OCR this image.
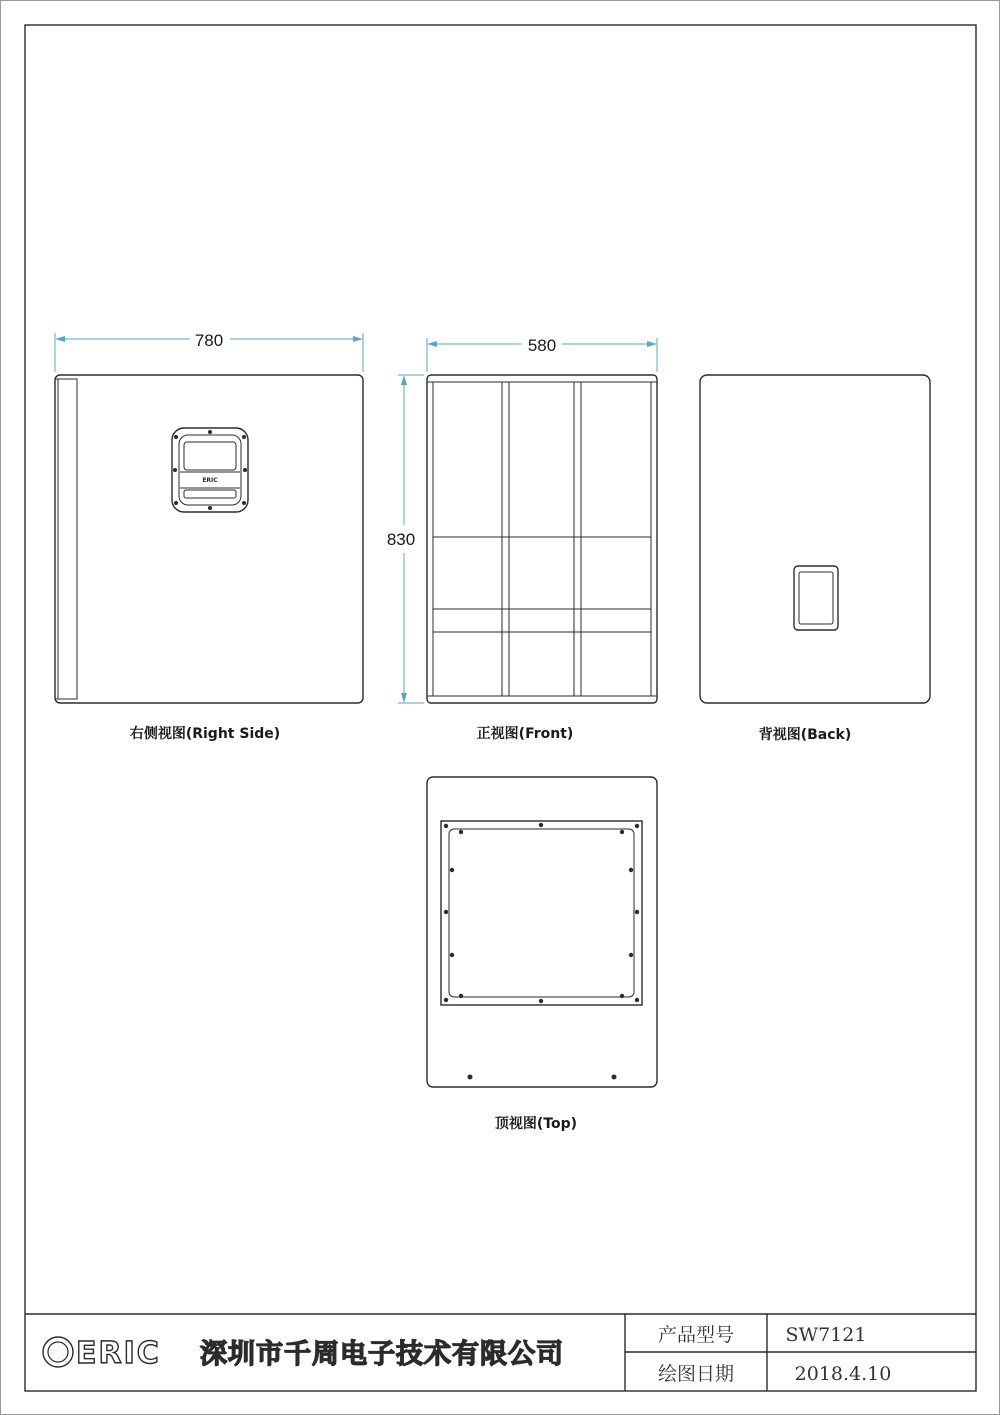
ERIC
780
右侧视图(Right Side)
580
830
正视图(Front)	背视图(Back)
顶视图(Top)
ERIC 深圳市千周电子技术有限公司
产品型号	SW7121
绘图日期	2018.4.10
